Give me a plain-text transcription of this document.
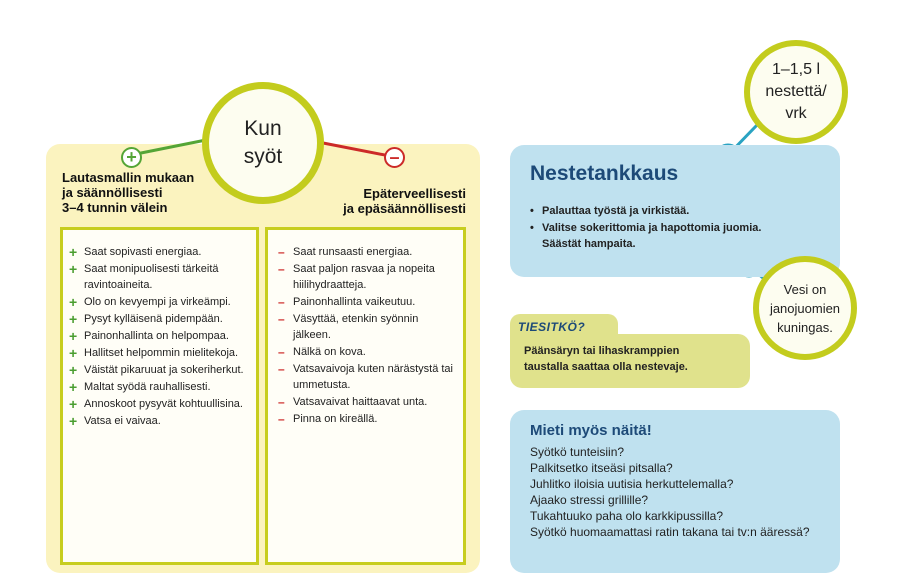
+	–
Kun
syöt
Lautasmallin mukaan
ja säännöllisesti
3–4 tunnin välein
Epäterveellisesti
ja epäsäännöllisesti
+ Saat sopivasti energiaa.
+ Saat monipuolisesti tärkeitä ravintoaineita.
+ Olo on kevyempi ja virkeämpi.
+ Pysyt kylläisenä pidempään.
+ Painonhallinta on helpompaa.
+ Hallitset helpommin mielitekoja.
+ Väistät pikaruuat ja sokeriherkut.
+ Maltat syödä rauhallisesti.
+ Annoskoot pysyvät kohtuullisina.
+ Vatsa ei vaivaa.
– Saat runsaasti energiaa.
– Saat paljon rasvaa ja nopeita hiilihydraatteja.
– Painonhallinta vaikeutuu.
– Väsyttää, etenkin syönnin jälkeen.
– Nälkä on kova.
– Vatsavaivoja kuten närästystä tai ummetusta.
– Vatsavaivat haittaavat unta.
– Pinna on kireällä.
Nestetankkaus
• Palauttaa työstä ja virkistää.
• Valitse sokerittomia ja hapottomia juomia. Säästät hampaita.
1–1,5 l
nestettä/
vrk
Vesi on
janojuomien
kuningas.
TIESITKÖ?
Päänsäryn tai lihaskramppien
taustalla saattaa olla nestevaje.
Mieti myös näitä!
Syötkö tunteisiin?
Palkitsetko itseäsi pitsalla?
Juhlitko iloisia uutisia herkuttelemalla?
Ajaako stressi grillille?
Tukahtuuko paha olo karkkipussilla?
Syötkö huomaamattasi ratin takana tai tv:n ääressä?
